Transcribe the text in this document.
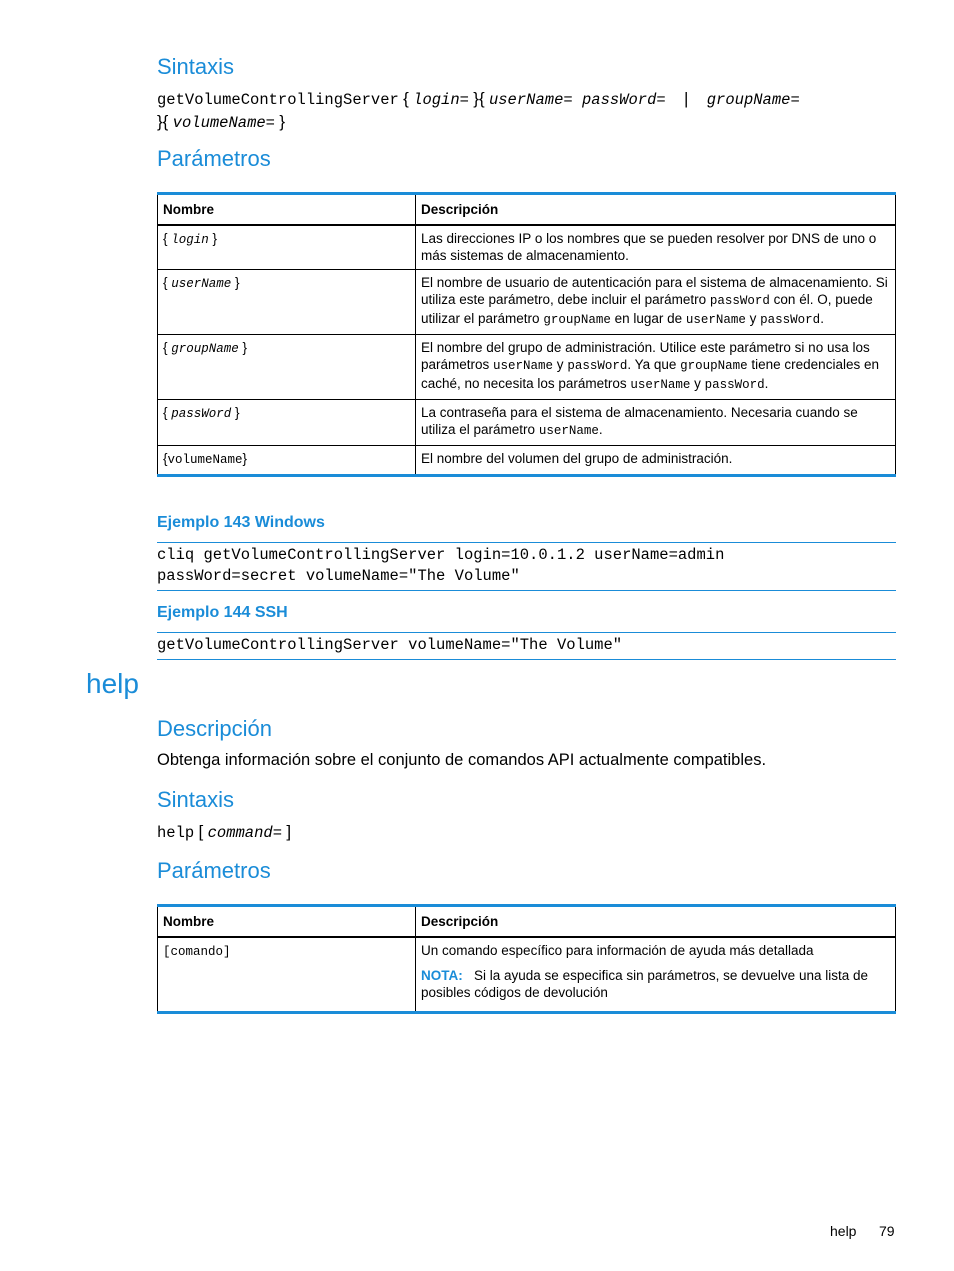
Sintaxis
getVolumeControllingServer { login= }{ userName= passWord= | groupName=
}{ volumeName= }
Parámetros
Nombre	Descripción
{ login }	Las direcciones IP o los nombres que se pueden resolver por DNS de uno o más sistemas de almacenamiento.
{ userName }	El nombre de usuario de autenticación para el sistema de almacenamiento. Si utiliza este parámetro, debe incluir el parámetro passWord con él. O, puede utilizar el parámetro groupName en lugar de userName y passWord.
{ groupName }	El nombre del grupo de administración. Utilice este parámetro si no usa los parámetros userName y passWord. Ya que groupName tiene credenciales en caché, no necesita los parámetros userName y passWord.
{ passWord }	La contraseña para el sistema de almacenamiento. Necesaria cuando se utiliza el parámetro userName.
{volumeName}	El nombre del volumen del grupo de administración.
Ejemplo 143 Windows
cliq getVolumeControllingServer login=10.0.1.2 userName=admin
passWord=secret volumeName="The Volume"
Ejemplo 144 SSH
getVolumeControllingServer volumeName="The Volume"
help
Descripción
Obtenga información sobre el conjunto de comandos API actualmente compatibles.
Sintaxis
help [ command= ]
Parámetros
Nombre	Descripción
[comando]	Un comando específico para información de ayuda más detallada
NOTA: Si la ayuda se especifica sin parámetros, se devuelve una lista de posibles códigos de devolución
help 79
